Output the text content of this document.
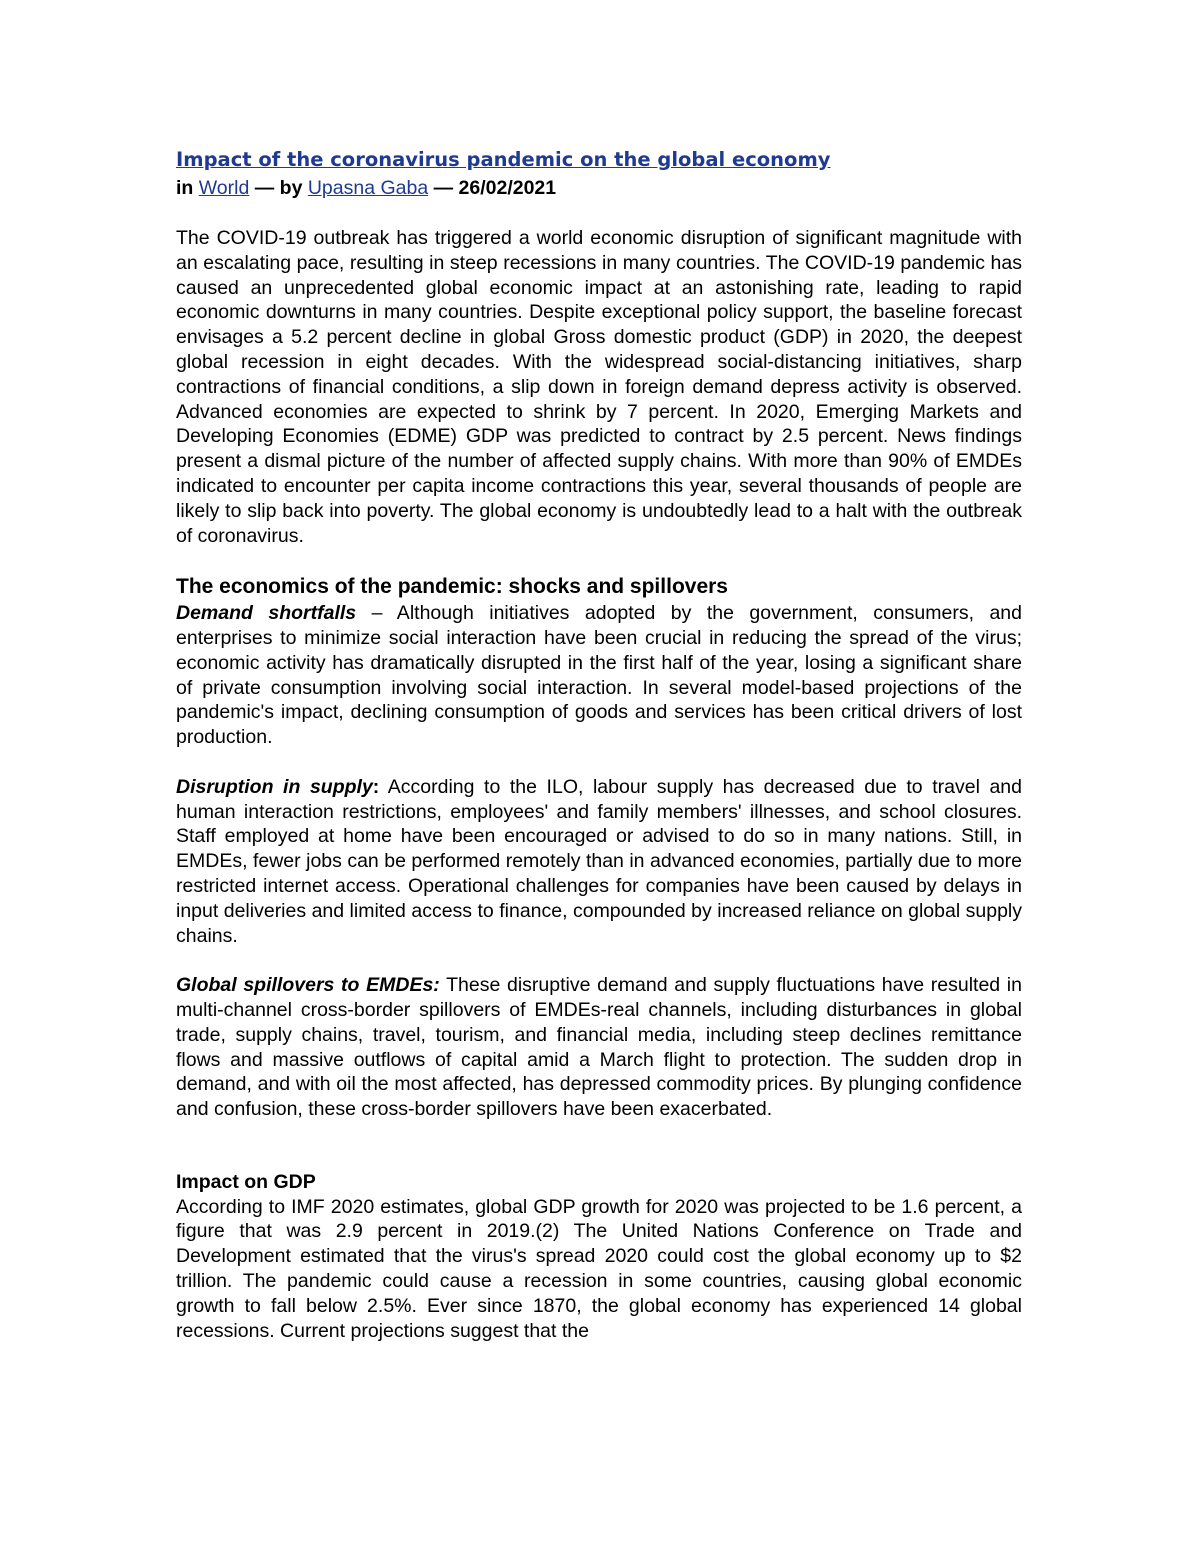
Impact of the coronavirus pandemic on the global economy
in World — by Upasna Gaba — 26/02/2021

The COVID-19 outbreak has triggered a world economic disruption of significant magnitude with an escalating pace, resulting in steep recessions in many countries. The COVID-19 pandemic has caused an unprecedented global economic impact at an astonishing rate, leading to rapid economic downturns in many countries. Despite exceptional policy support, the baseline forecast envisages a 5.2 percent decline in global Gross domestic product (GDP) in 2020, the deepest global recession in eight decades. With the widespread social-distancing initiatives, sharp contractions of financial conditions, a slip down in foreign demand depress activity is observed. Advanced economies are expected to shrink by 7 percent. In 2020, Emerging Markets and Developing Economies (EDME) GDP was predicted to contract by 2.5 percent. News findings present a dismal picture of the number of affected supply chains. With more than 90% of EMDEs indicated to encounter per capita income contractions this year, several thousands of people are likely to slip back into poverty. The global economy is undoubtedly lead to a halt with the outbreak of coronavirus.

The economics of the pandemic: shocks and spillovers

Demand shortfalls – Although initiatives adopted by the government, consumers, and enterprises to minimize social interaction have been crucial in reducing the spread of the virus; economic activity has dramatically disrupted in the first half of the year, losing a significant share of private consumption involving social interaction. In several model-based projections of the pandemic's impact, declining consumption of goods and services has been critical drivers of lost production.

Disruption in supply: According to the ILO, labour supply has decreased due to travel and human interaction restrictions, employees' and family members' illnesses, and school closures. Staff employed at home have been encouraged or advised to do so in many nations. Still, in EMDEs, fewer jobs can be performed remotely than in advanced economies, partially due to more restricted internet access. Operational challenges for companies have been caused by delays in input deliveries and limited access to finance, compounded by increased reliance on global supply chains.

Global spillovers to EMDEs: These disruptive demand and supply fluctuations have resulted in multi-channel cross-border spillovers of EMDEs-real channels, including disturbances in global trade, supply chains, travel, tourism, and financial media, including steep declines remittance flows and massive outflows of capital amid a March flight to protection. The sudden drop in demand, and with oil the most affected, has depressed commodity prices. By plunging confidence and confusion, these cross-border spillovers have been exacerbated.

Impact on GDP

According to IMF 2020 estimates, global GDP growth for 2020 was projected to be 1.6 percent, a figure that was 2.9 percent in 2019.(2) The United Nations Conference on Trade and Development estimated that the virus's spread 2020 could cost the global economy up to $2 trillion. The pandemic could cause a recession in some countries, causing global economic growth to fall below 2.5%. Ever since 1870, the global economy has experienced 14 global recessions. Current projections suggest that the
